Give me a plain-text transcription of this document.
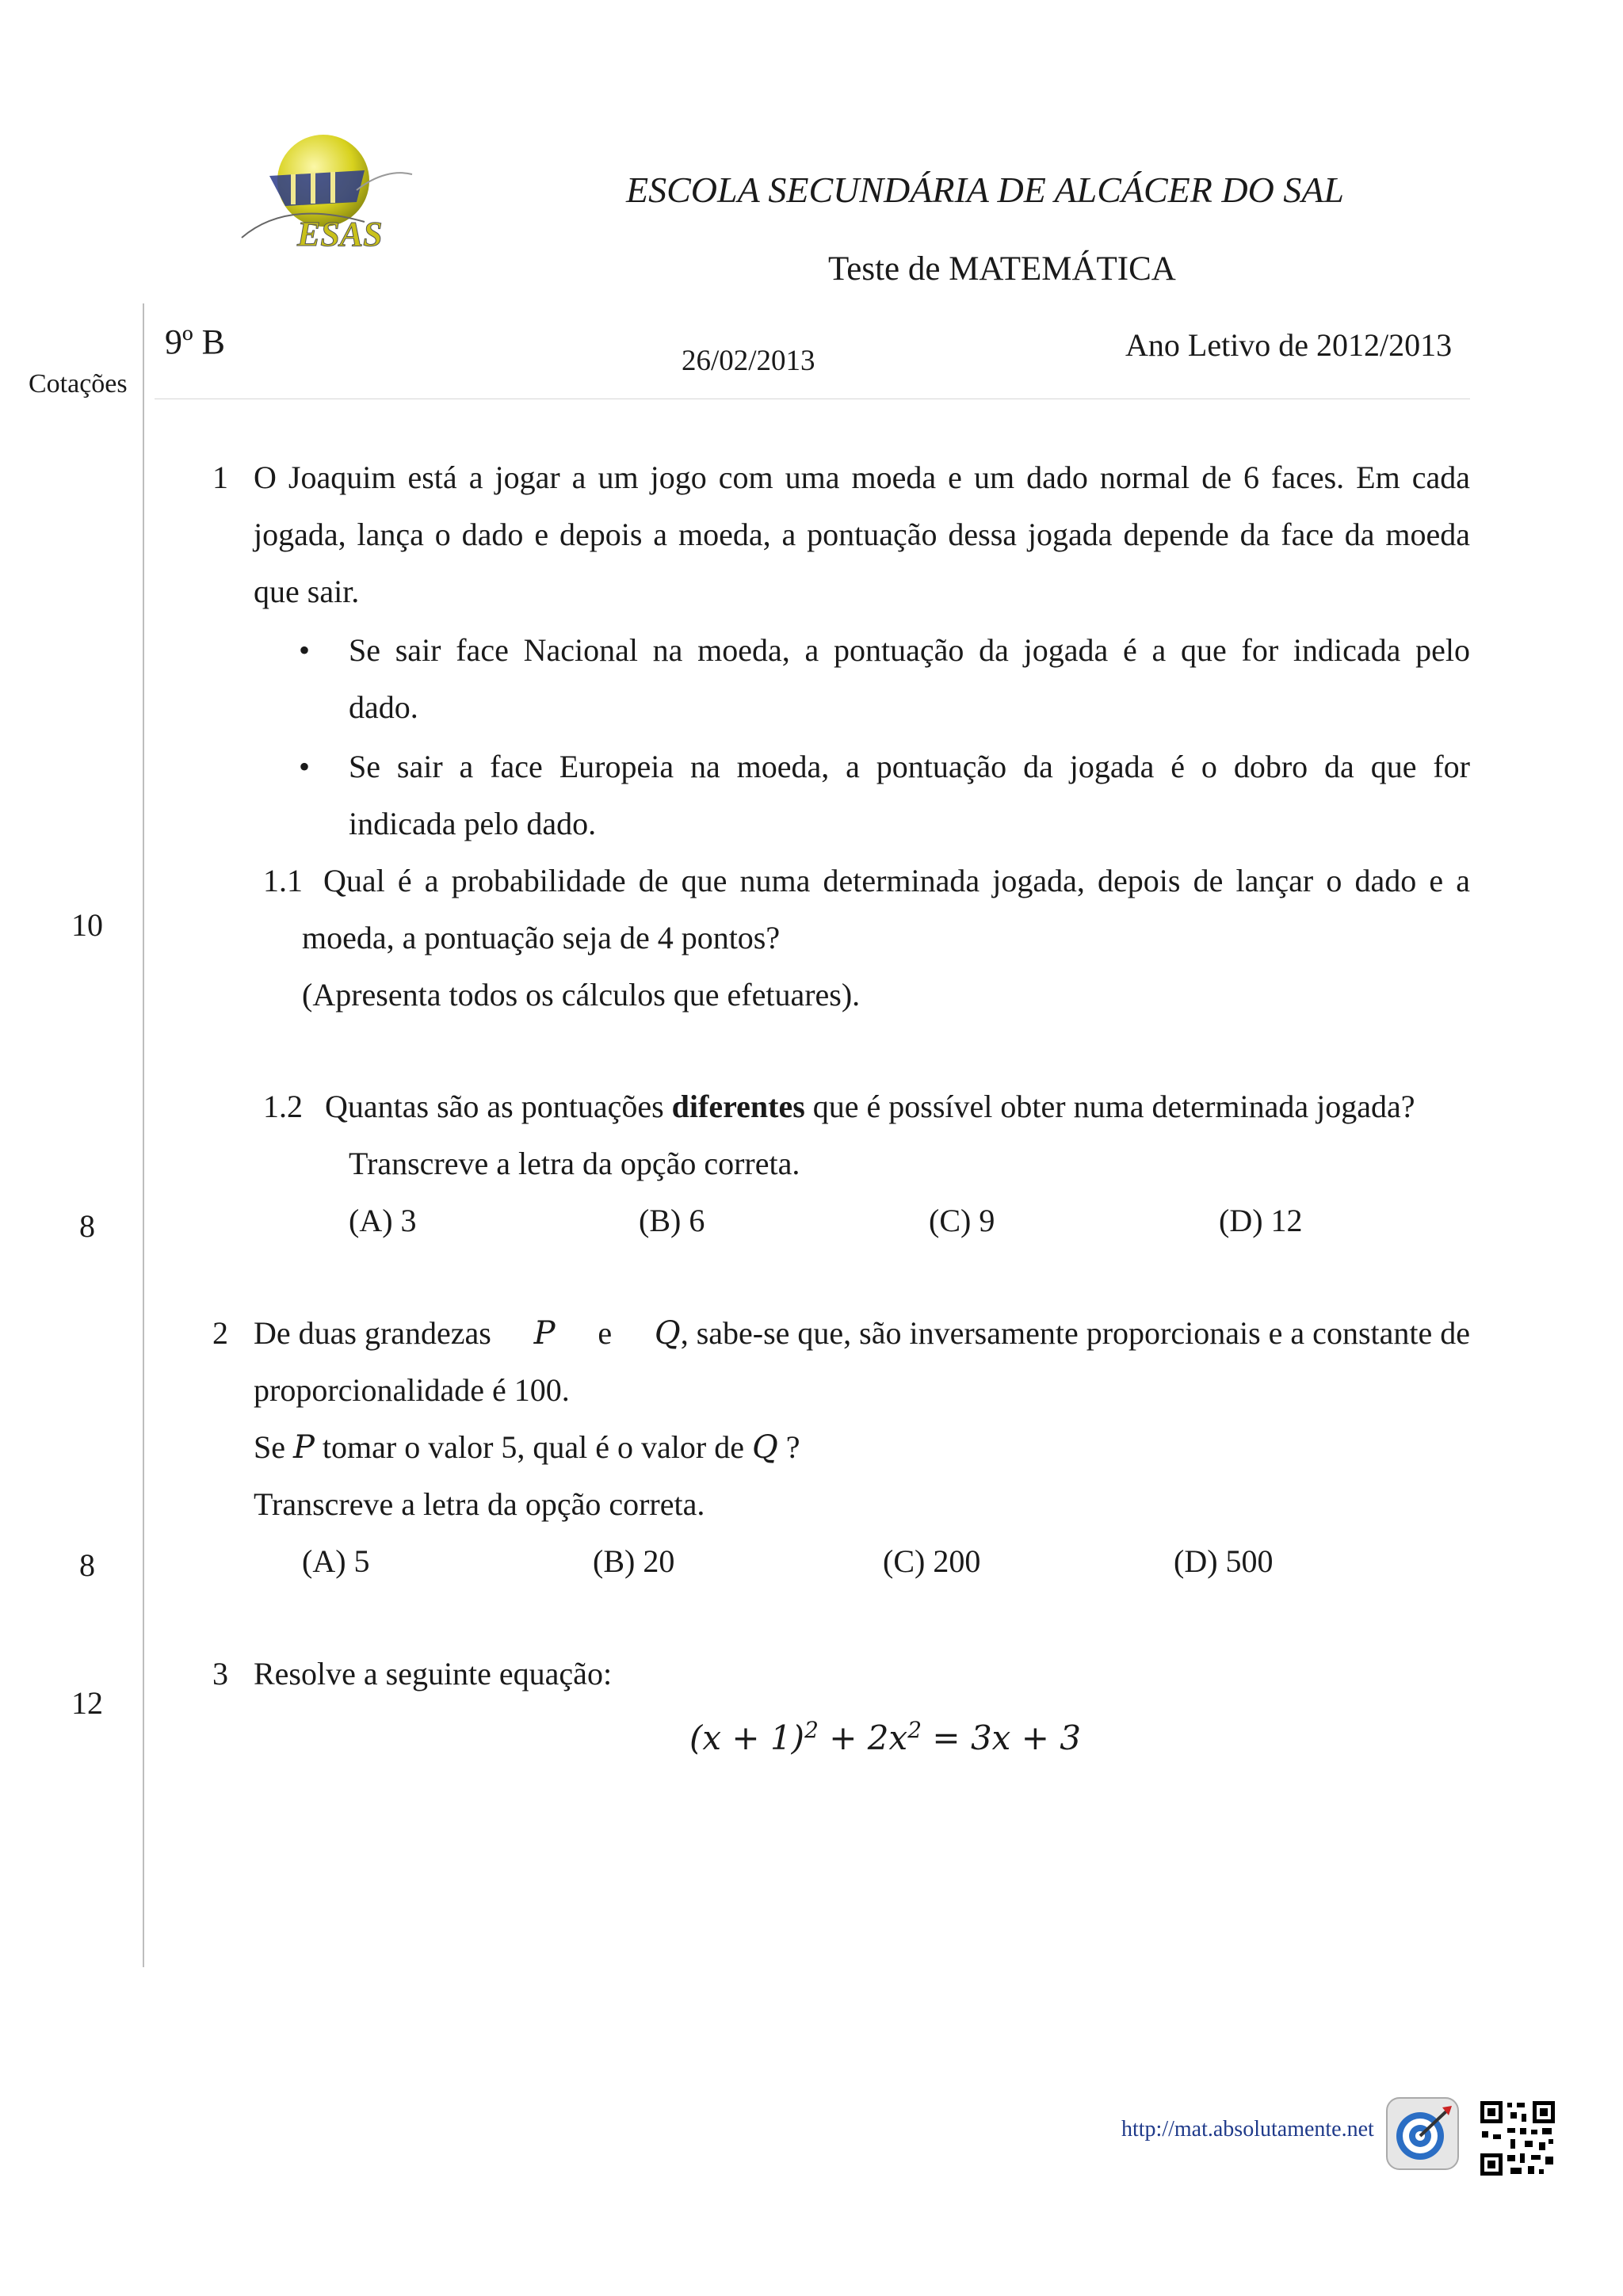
ESAS
ESCOLA SECUNDÁRIA DE ALCÁCER DO SAL
Teste de MATEMÁTICA
9º B	26/02/2013	Ano Letivo de 2012/2013
Cotações
10
8
8
12
1 O Joaquim está a jogar a um jogo com uma moeda e um dado normal de 6 faces. Em cada
jogada, lança o dado e depois a moeda, a pontuação dessa jogada depende da face da moeda
que sair.
• Se sair face Nacional na moeda, a pontuação da jogada é a que for indicada pelo
dado.
• Se sair a face Europeia na moeda, a pontuação da jogada é o dobro da que for
indicada pelo dado.
1.1 Qual é a probabilidade de que numa determinada jogada, depois de lançar o dado e a
moeda, a pontuação seja de 4 pontos?
(Apresenta todos os cálculos que efetuares).
1.2 Quantas são as pontuações diferentes que é possível obter numa determinada jogada?
Transcreve a letra da opção correta.
(A) 3	(B) 6	(C) 9	(D) 12
2 De duas grandezas P e Q, sabe-se que, são inversamente proporcionais e a constante de
proporcionalidade é 100.
Se P tomar o valor 5, qual é o valor de Q ?
Transcreve a letra da opção correta.
(A) 5	(B) 20	(C) 200	(D) 500
3 Resolve a seguinte equação:
$(x + 1)^2 + 2x^2 = 3x + 3$
http://mat.absolutamente.net
